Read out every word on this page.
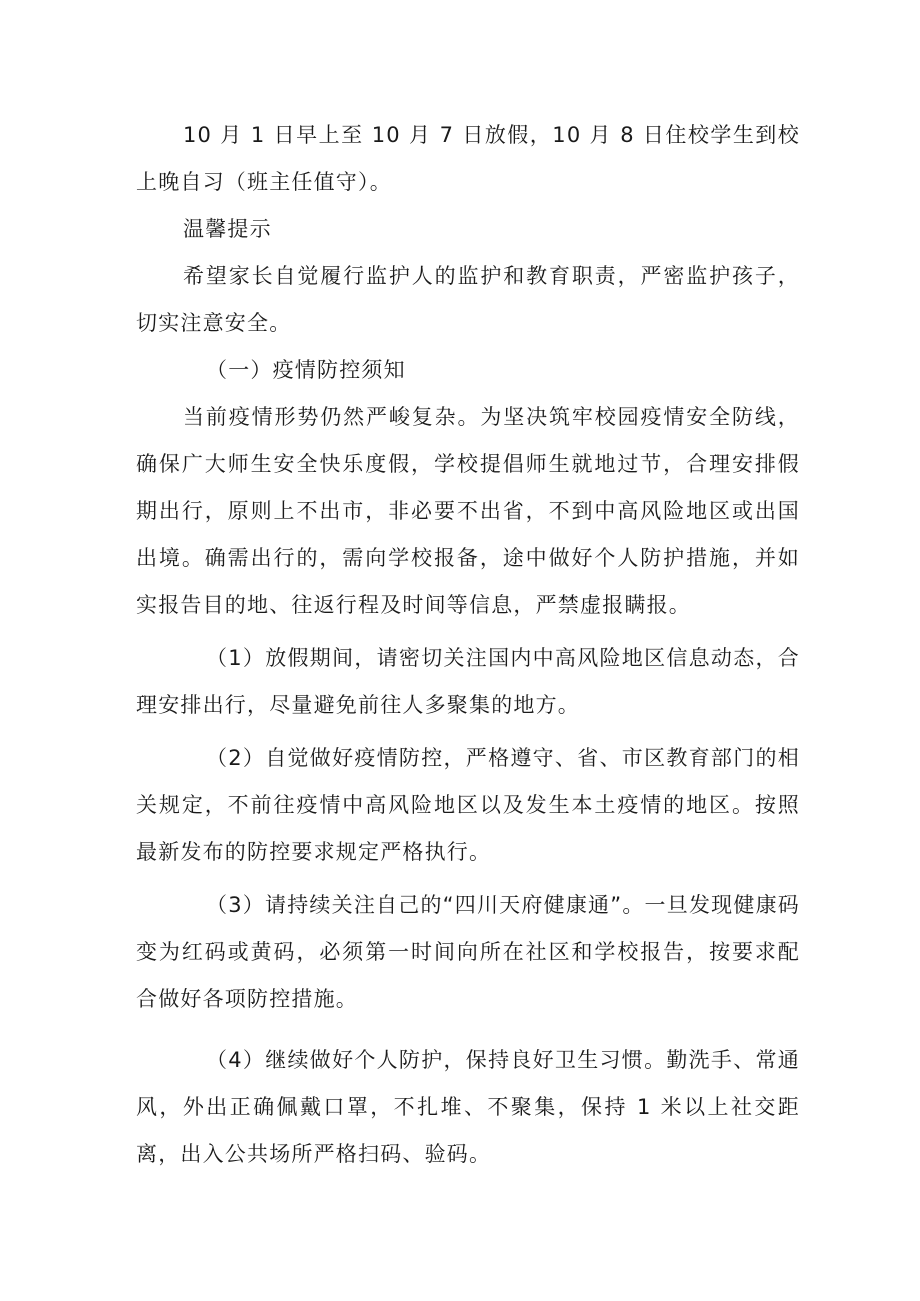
10 月 1 日早上至 10 月 7 日放假，10 月 8 日住校学生到校上晚自习（班主任值守）。

温馨提示

希望家长自觉履行监护人的监护和教育职责，严密监护孩子，切实注意安全。

（一）疫情防控须知

当前疫情形势仍然严峻复杂。为坚决筑牢校园疫情安全防线，确保广大师生安全快乐度假，学校提倡师生就地过节，合理安排假期出行，原则上不出市，非必要不出省，不到中高风险地区或出国出境。确需出行的，需向学校报备，途中做好个人防护措施，并如实报告目的地、往返行程及时间等信息，严禁虚报瞒报。

（1）放假期间，请密切关注国内中高风险地区信息动态，合理安排出行，尽量避免前往人多聚集的地方。

（2）自觉做好疫情防控，严格遵守、省、市区教育部门的相关规定，不前往疫情中高风险地区以及发生本土疫情的地区。按照最新发布的防控要求规定严格执行。

（3）请持续关注自己的“四川天府健康通”。一旦发现健康码变为红码或黄码，必须第一时间向所在社区和学校报告，按要求配合做好各项防控措施。

（4）继续做好个人防护，保持良好卫生习惯。勤洗手、常通风，外出正确佩戴口罩，不扎堆、不聚集，保持 1 米以上社交距离，出入公共场所严格扫码、验码。
